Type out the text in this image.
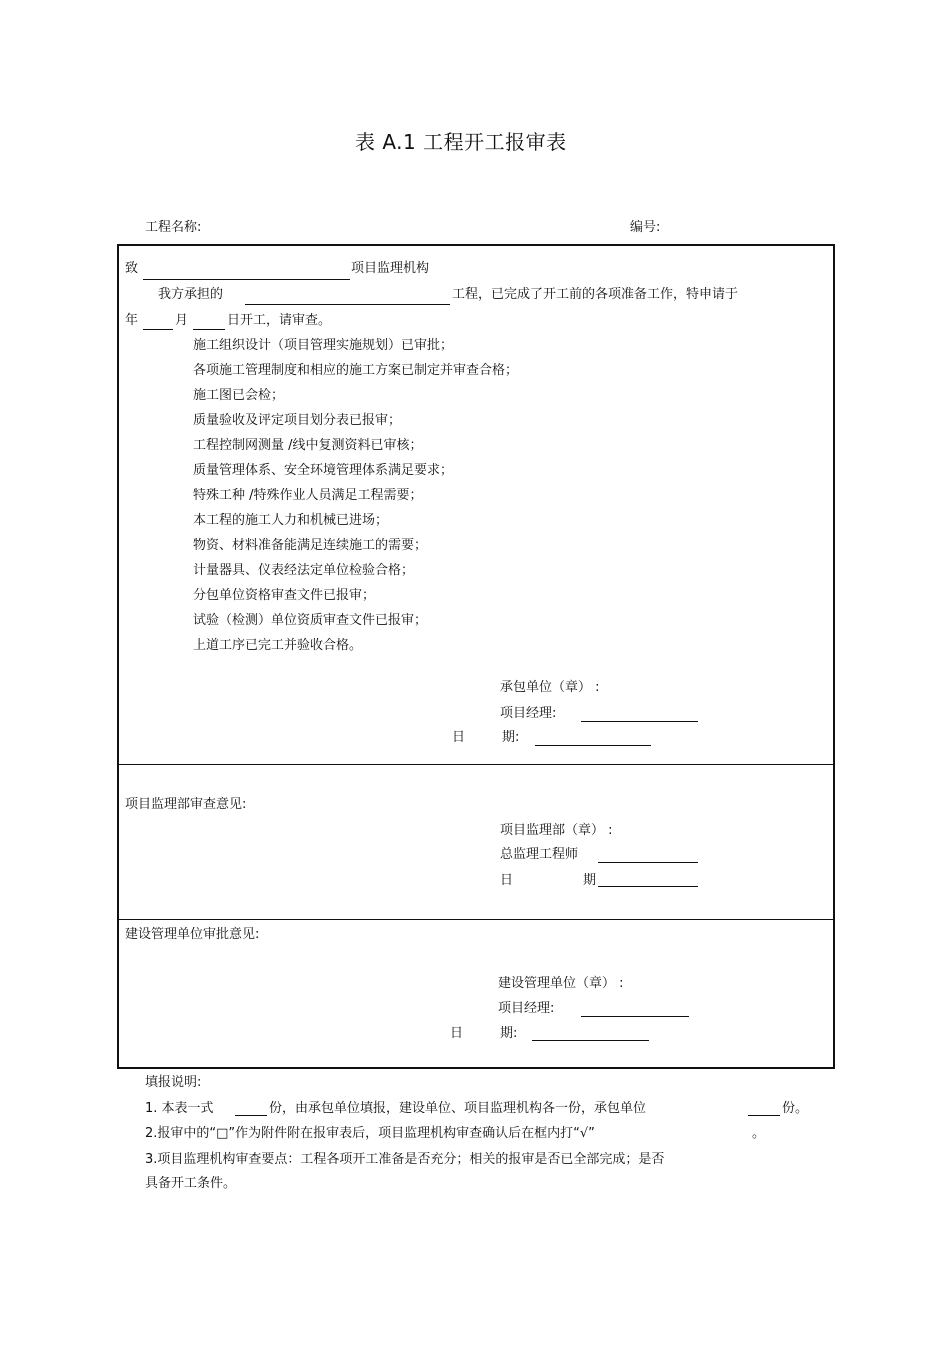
表 A.1 工程开工报审表
工程名称:	编号:
致	项目监理机构
我方承担的	工程，已完成了开工前的各项准备工作，特申请于
年	月	日开工，请审查。
施工组织设计（项目管理实施规划）已审批；
各项施工管理制度和相应的施工方案已制定并审查合格；
施工图已会检；
质量验收及评定项目划分表已报审；
工程控制网测量 /线中复测资料已审核；
质量管理体系、安全环境管理体系满足要求；
特殊工种 /特殊作业人员满足工程需要；
本工程的施工人力和机械已进场；
物资、材料准备能满足连续施工的需要；
计量器具、仪表经法定单位检验合格；
分包单位资格审查文件已报审；
试验（检测）单位资质审查文件已报审；
上道工序已完工并验收合格。
承包单位（章） :
项目经理:
日	期:
项目监理部审查意见:
项目监理部（章） :
总监理工程师
日	期
建设管理单位审批意见:
建设管理单位（章） :
项目经理:
日	期:
填报说明:
1. 本表一式	份，由承包单位填报，建设单位、项目监理机构各一份，承包单位	份。
2.报审中的“□”作为附件附在报审表后，项目监理机构审查确认后在框内打“√”	。
3.项目监理机构审查要点：工程各项开工准备是否充分；相关的报审是否已全部完成；是否
具备开工条件。
